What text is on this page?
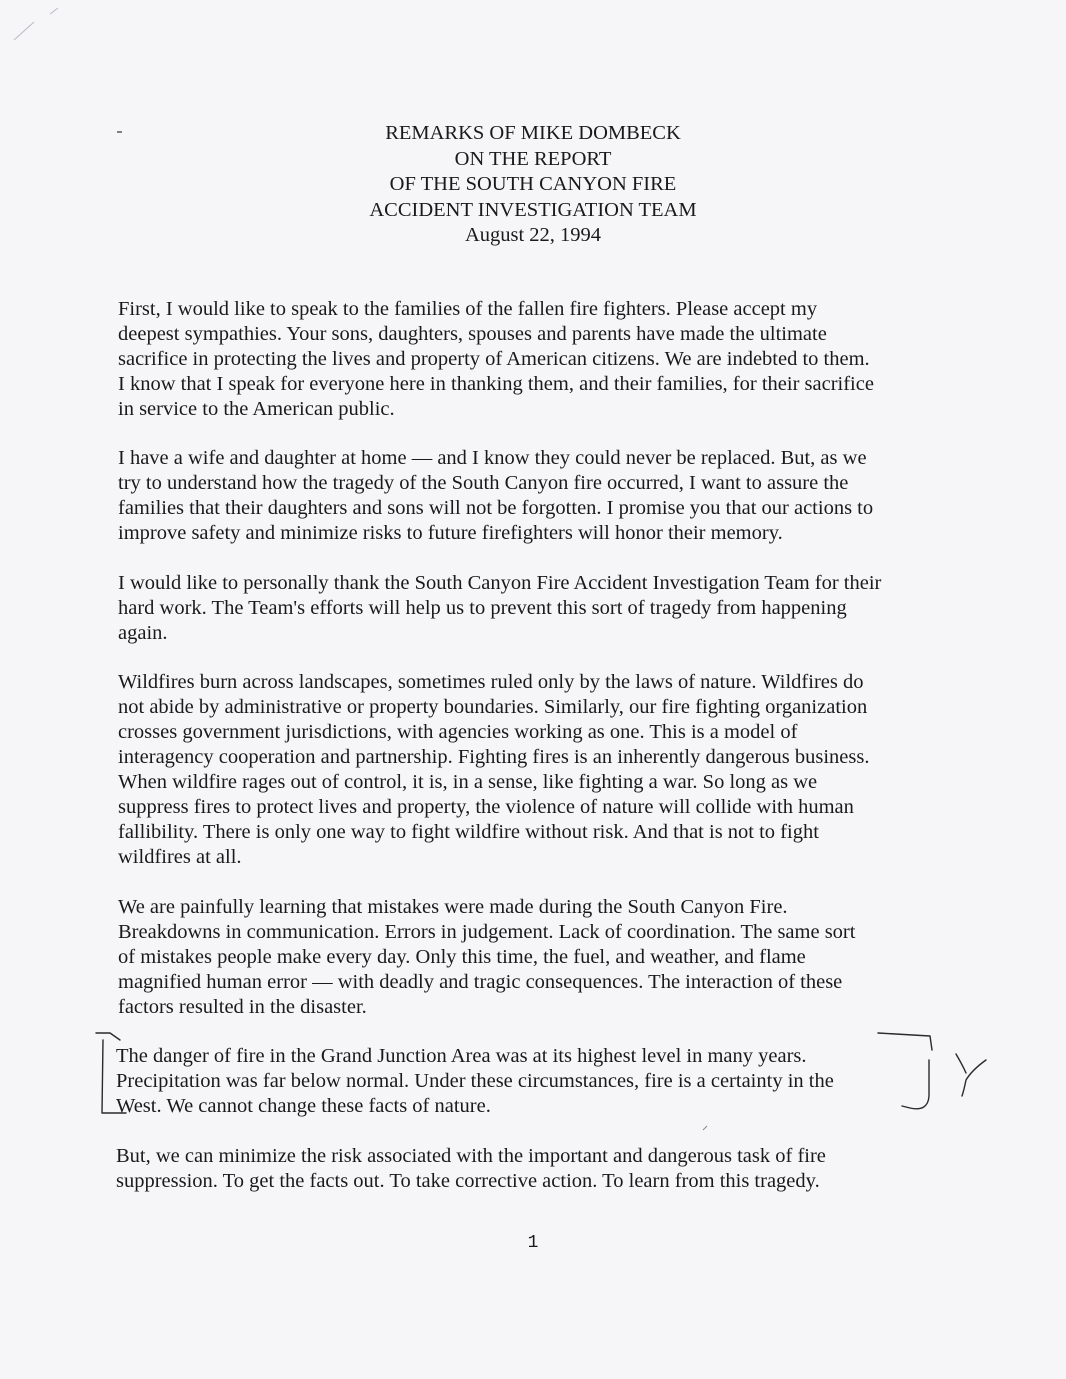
REMARKS OF MIKE DOMBECK
ON THE REPORT
OF THE SOUTH CANYON FIRE
ACCIDENT INVESTIGATION TEAM
August 22, 1994

First, I would like to speak to the families of the fallen fire fighters. Please accept my
deepest sympathies. Your sons, daughters, spouses and parents have made the ultimate
sacrifice in protecting the lives and property of American citizens. We are indebted to them.
I know that I speak for everyone here in thanking them, and their families, for their sacrifice
in service to the American public.

I have a wife and daughter at home — and I know they could never be replaced. But, as we
try to understand how the tragedy of the South Canyon fire occurred, I want to assure the
families that their daughters and sons will not be forgotten. I promise you that our actions to
improve safety and minimize risks to future firefighters will honor their memory.

I would like to personally thank the South Canyon Fire Accident Investigation Team for their
hard work. The Team's efforts will help us to prevent this sort of tragedy from happening
again.

Wildfires burn across landscapes, sometimes ruled only by the laws of nature. Wildfires do
not abide by administrative or property boundaries. Similarly, our fire fighting organization
crosses government jurisdictions, with agencies working as one. This is a model of
interagency cooperation and partnership. Fighting fires is an inherently dangerous business.
When wildfire rages out of control, it is, in a sense, like fighting a war. So long as we
suppress fires to protect lives and property, the violence of nature will collide with human
fallibility. There is only one way to fight wildfire without risk. And that is not to fight
wildfires at all.

We are painfully learning that mistakes were made during the South Canyon Fire.
Breakdowns in communication. Errors in judgement. Lack of coordination. The same sort
of mistakes people make every day. Only this time, the fuel, and weather, and flame
magnified human error — with deadly and tragic consequences. The interaction of these
factors resulted in the disaster.

The danger of fire in the Grand Junction Area was at its highest level in many years.
Precipitation was far below normal. Under these circumstances, fire is a certainty in the
West. We cannot change these facts of nature.

But, we can minimize the risk associated with the important and dangerous task of fire
suppression. To get the facts out. To take corrective action. To learn from this tragedy.

1
